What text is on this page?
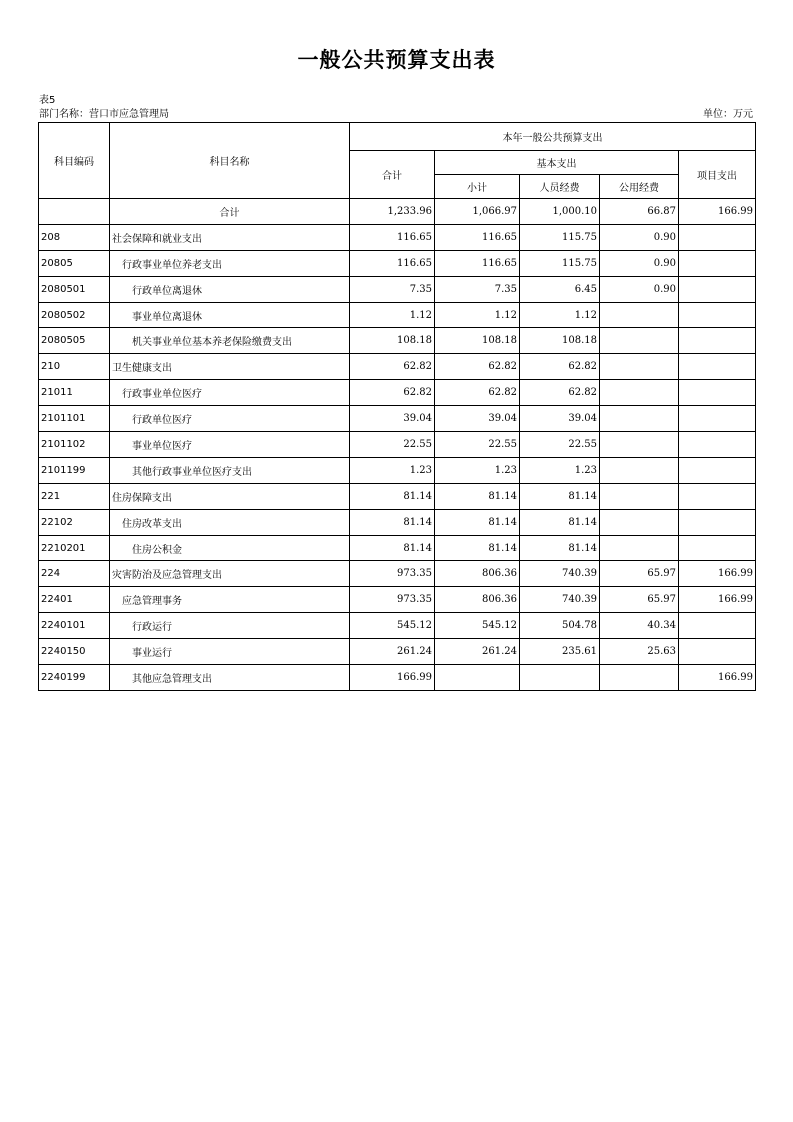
一般公共预算支出表
表5
部门名称：营口市应急管理局	单位：万元
科目编码	科目名称	本年一般公共预算支出				
		合计	基本支出			项目支出
			小计	人员经费	公用经费	
	合计	1,233.96	1,066.97	1,000.10	66.87	166.99
208	社会保障和就业支出	116.65	116.65	115.75	0.90	
20805	行政事业单位养老支出	116.65	116.65	115.75	0.90	
2080501	行政单位离退休	7.35	7.35	6.45	0.90	
2080502	事业单位离退休	1.12	1.12	1.12		
2080505	机关事业单位基本养老保险缴费支出	108.18	108.18	108.18		
210	卫生健康支出	62.82	62.82	62.82		
21011	行政事业单位医疗	62.82	62.82	62.82		
2101101	行政单位医疗	39.04	39.04	39.04		
2101102	事业单位医疗	22.55	22.55	22.55		
2101199	其他行政事业单位医疗支出	1.23	1.23	1.23		
221	住房保障支出	81.14	81.14	81.14		
22102	住房改革支出	81.14	81.14	81.14		
2210201	住房公积金	81.14	81.14	81.14		
224	灾害防治及应急管理支出	973.35	806.36	740.39	65.97	166.99
22401	应急管理事务	973.35	806.36	740.39	65.97	166.99
2240101	行政运行	545.12	545.12	504.78	40.34	
2240150	事业运行	261.24	261.24	235.61	25.63	
2240199	其他应急管理支出	166.99				166.99
